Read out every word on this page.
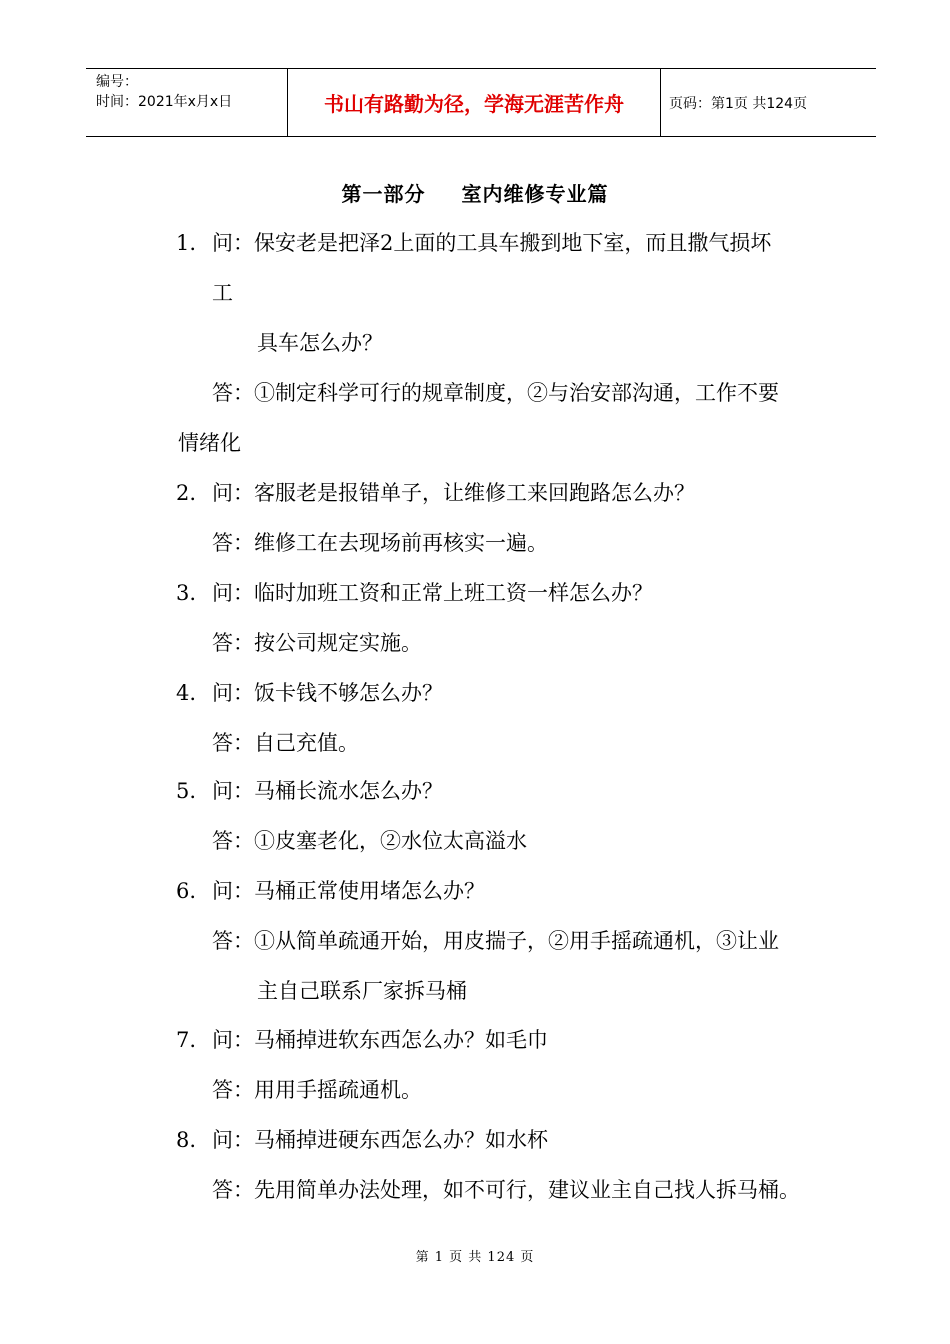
编号：
时间：2021年x月x日	书山有路勤为径，学海无涯苦作舟	页码：第1页 共124页
第一部分 室内维修专业篇
1. 问：保安老是把泽2上面的工具车搬到地下室，而且撒气损坏
工
具车怎么办？
答：①制定科学可行的规章制度，②与治安部沟通，工作不要
情绪化
2. 问：客服老是报错单子，让维修工来回跑路怎么办？
答：维修工在去现场前再核实一遍。
3. 问：临时加班工资和正常上班工资一样怎么办？
答：按公司规定实施。
4. 问：饭卡钱不够怎么办？
答：自己充值。
5. 问：马桶长流水怎么办？
答：①皮塞老化，②水位太高溢水
6. 问：马桶正常使用堵怎么办？
答：①从简单疏通开始，用皮揣子，②用手摇疏通机，③让业
主自己联系厂家拆马桶
7. 问：马桶掉进软东西怎么办？如毛巾
答：用用手摇疏通机。
8. 问：马桶掉进硬东西怎么办？如水杯
答：先用简单办法处理，如不可行，建议业主自己找人拆马桶。
第 1 页 共 124 页
